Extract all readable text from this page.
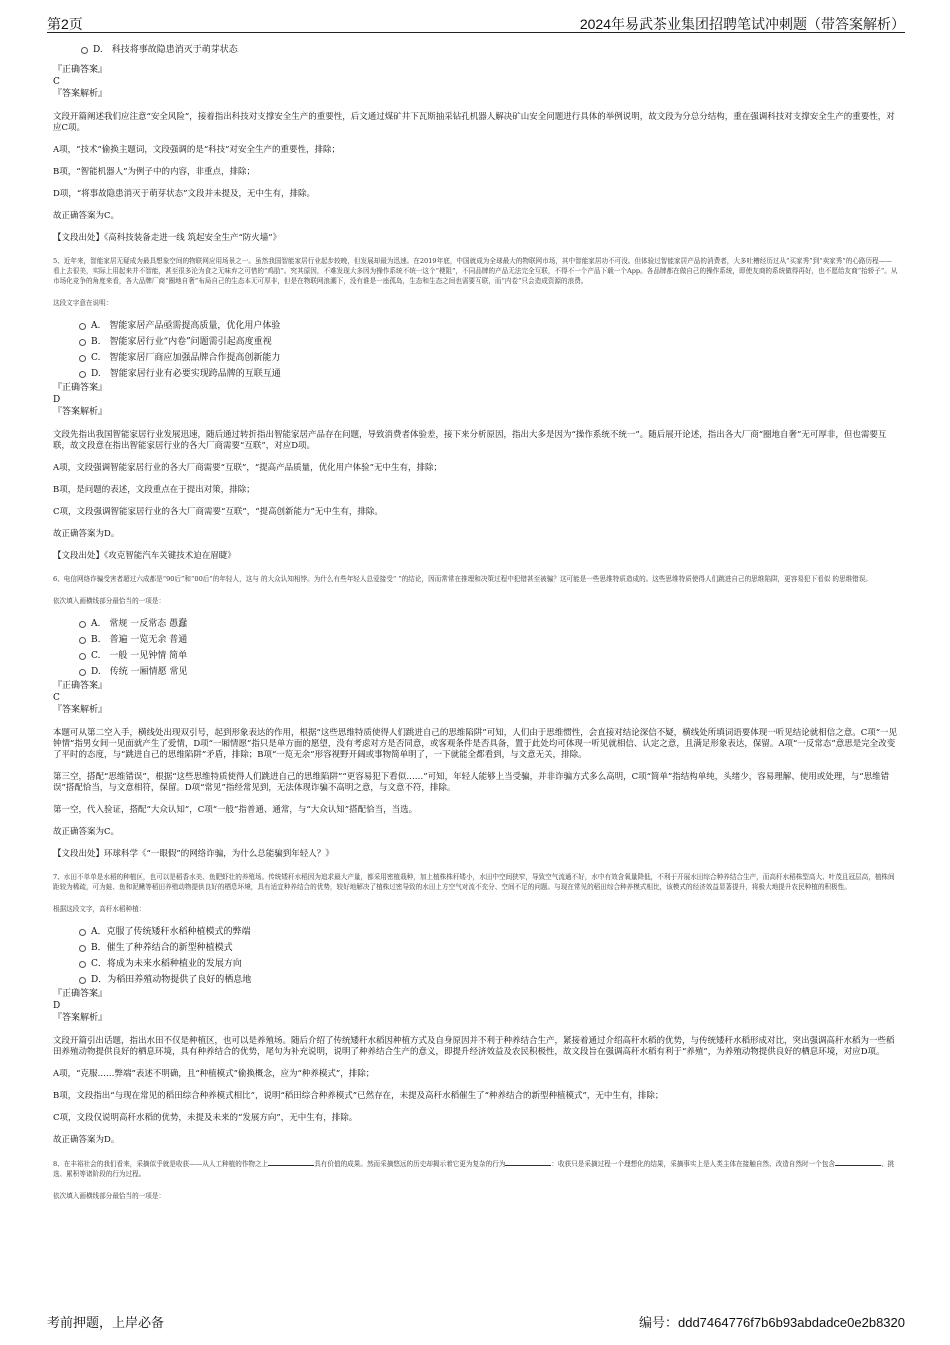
第2页	2024年易武茶业集团招聘笔试冲刺题（带答案解析）
D.　科技将事故隐患消灭于萌芽状态
『正确答案』
C
『答案解析』
文段开篇阐述我们应注意“安全风险”，接着指出科技对支撑安全生产的重要性，后文通过煤矿井下瓦斯抽采钻孔机器人解决矿山安全问题进行具体的举例说明，故文段为分总分结构，重在强调科技对支撑安全生产的重要性，对应C项。
A项，“技术”偷换主题词，文段强调的是“科技”对安全生产的重要性，排除；
B项，“智能机器人”为例子中的内容，非重点，排除；
D项，“将事故隐患消灭于萌芽状态”文段并未提及，无中生有，排除。
故正确答案为C。
【文段出处】《高科技装备走进一线 筑起安全生产“防火墙”》
5、近年来，智能家居无疑成为最具想象空间的物联网应用场景之一。虽然我国智能家居行业起步较晚，但发展却最为迅速。在2019年底，中国就成为全球最大的物联网市场，其中智能家居功不可没。但体验过智能家居产品的消费者，大多吐槽经历过从“买家秀”到“卖家秀”的心路历程——看上去很美，实际上用起来并不智能，甚至很多沦为食之无味弃之可惜的“鸡肋”。究其原因，不难发现大多因为操作系统不统一这个“梗阻”，不同品牌的产品无法完全互联，不得不一个产品下载一个App。各品牌都在做自己的操作系统，即使友商的系统做得再好，也不愿给友商“抬轿子”。从市场化竞争的角度来看，各大品牌厂商“圈地自奢”布局自己的生态本无可厚非，但是在物联网浪潮下，没有谁是一座孤岛，生态和生态之间也需要互联，而“内卷”只会造成资源的浪费。
这段文字意在说明：
A.　智能家居产品亟需提高质量，优化用户体验
B.　智能家居行业“内卷”问题需引起高度重视
C.　智能家居厂商应加强品牌合作提高创新能力
D.　智能家居行业有必要实现跨品牌的互联互通
『正确答案』
D
『答案解析』
文段先指出我国智能家居行业发展迅速，随后通过转折指出智能家居产品存在问题，导致消费者体验差，接下来分析原因，指出大多是因为“操作系统不统一”。随后展开论述，指出各大厂商“圈地自奢”无可厚非，但也需要互联，故文段意在指出智能家居行业的各大厂商需要“互联”，对应D项。
A项，文段强调智能家居行业的各大厂商需要“互联”，“提高产品质量，优化用户体验”无中生有，排除；
B项，是问题的表述，文段重点在于提出对策，排除；
C项，文段强调智能家居行业的各大厂商需要“互联”，“提高创新能力”无中生有，排除。
故正确答案为D。
【文段出处】《攻克智能汽车关键技术迫在眉睫》
6、电信网络诈骗受害者超过六成都是“90后”和“00后”的年轻人，这与 的大众认知相悖。为什么有些年轻人总爱接受“ ”的结论，因而常常在推理和决策过程中犯错甚至被骗？这可能是一些思维特质造成的。这些思维特质使得人们跳进自己的思维陷阱，更容易犯下看似 的思维错误。
依次填入画横线部分最恰当的一项是：
A.　常规 一反常态 愚蠢
B.　普遍 一览无余 普通
C.　一般 一见钟情 简单
D.　传统 一厢情愿 常见
『正确答案』
C
『答案解析』
本题可从第二空入手，横线处出现双引号，起到形象表达的作用，根据“这些思维特质使得人们跳进自己的思维陷阱”可知，人们由于思维惯性，会直接对结论深信不疑，横线处所填词语要体现一听见结论就相信之意。C项“一见钟情”指男女间一见面就产生了爱情，D项“一厢情愿”指只是单方面的愿望，没有考虑对方是否同意，或客观条件是否具备，置于此处均可体现一听见就相信、认定之意，且满足形象表达，保留。A项“一反常态”意思是完全改变了平时的态度，与“跳进自己的思维陷阱”矛盾，排除；B项“一览无余”形容视野开阔或事物简单明了，一下就能全都看到，与文意无关，排除。
第三空，搭配“思维错误”，根据“这些思维特质使得人们跳进自己的思维陷阱”“更容易犯下看似……”可知，年轻人能够上当受骗，并非诈骗方式多么高明，C项“简单”指结构单纯，头绪少，容易理解、使用或处理，与“思维错误”搭配恰当，与文意相符，保留。D项“常见”指经常见到，无法体现诈骗不高明之意，与文意不符，排除。
第一空，代入验证，搭配“大众认知”，C项“一般”指普通、通常，与“大众认知”搭配恰当，当选。
故正确答案为C。
【文段出处】环球科学《“一眼假”的网络诈骗，为什么总能骗到年轻人？》
7、水田不单单是水稻的种植区，也可以是稻香水美、鱼肥虾壮的养殖场。传统矮秆水稻因为追求最大产量，都采用密植栽种，加上植株株秆矮小，水田中空间狭窄，导致空气流通不好，水中有效含氧量降低，不利于开展水田综合种养结合生产，而高秆水稻株型高大、叶茂且冠层高，植株间距较为稀疏，可为蛙、鱼和泥鳅等稻田养殖动物提供良好的栖息环境，具有适宜种养结合的优势，较好地解决了植株过密导致的水田上方空气对流不充分、空间不足的问题。与现在常见的稻田综合种养模式相比，该模式的经济效益显著提升，将极大地提升农民种植的积极性。
根据这段文字，高秆水稻种植：
A．克服了传统矮秆水稻种植模式的弊端
B．催生了种养结合的新型种植模式
C．将成为未来水稻种植业的发展方向
D．为稻田养殖动物提供了良好的栖息地
『正确答案』
D
『答案解析』
文段开篇引出话题，指出水田不仅是种植区，也可以是养殖场。随后介绍了传统矮秆水稻因种植方式及自身原因并不利于种养结合生产，紧接着通过介绍高秆水稻的优势，与传统矮秆水稻形成对比，突出强调高秆水稻为一些稻田养殖动物提供良好的栖息环境，具有种养结合的优势，尾句为补充说明，说明了种养结合生产的意义，即提升经济效益及农民积极性，故文段旨在强调高秆水稻有利于“养殖”，为养殖动物提供良好的栖息环境，对应D项。
A项，“克服……弊端”表述不明确，且“种植模式”偷换概念，应为“种养模式”，排除；
B项，文段指出“与现在常见的稻田综合种养模式相比”，说明“稻田综合种养模式”已然存在，未提及高秆水稻催生了“种养结合的新型种植模式”，无中生有，排除；
C项，文段仅说明高秆水稻的优势，未提及未来的“发展方向”，无中生有，排除。
故正确答案为D。
8、在丰裕社会的我们看来，采摘似乎就是收获——从人工种植的作物之上	具有价值的成果。然而采摘悠远的历史却揭示着它更为复杂的行为	：收获只是采摘过程一个理想化的结果，采摘事实上是人类主体在接触自然、改造自然时一个包含	、挑选、累积等诸阶段的行为过程。
依次填入画横线部分最恰当的一项是：
考前押题，上岸必备	编号：ddd7464776f7b6b93abdadce0e2b8320
